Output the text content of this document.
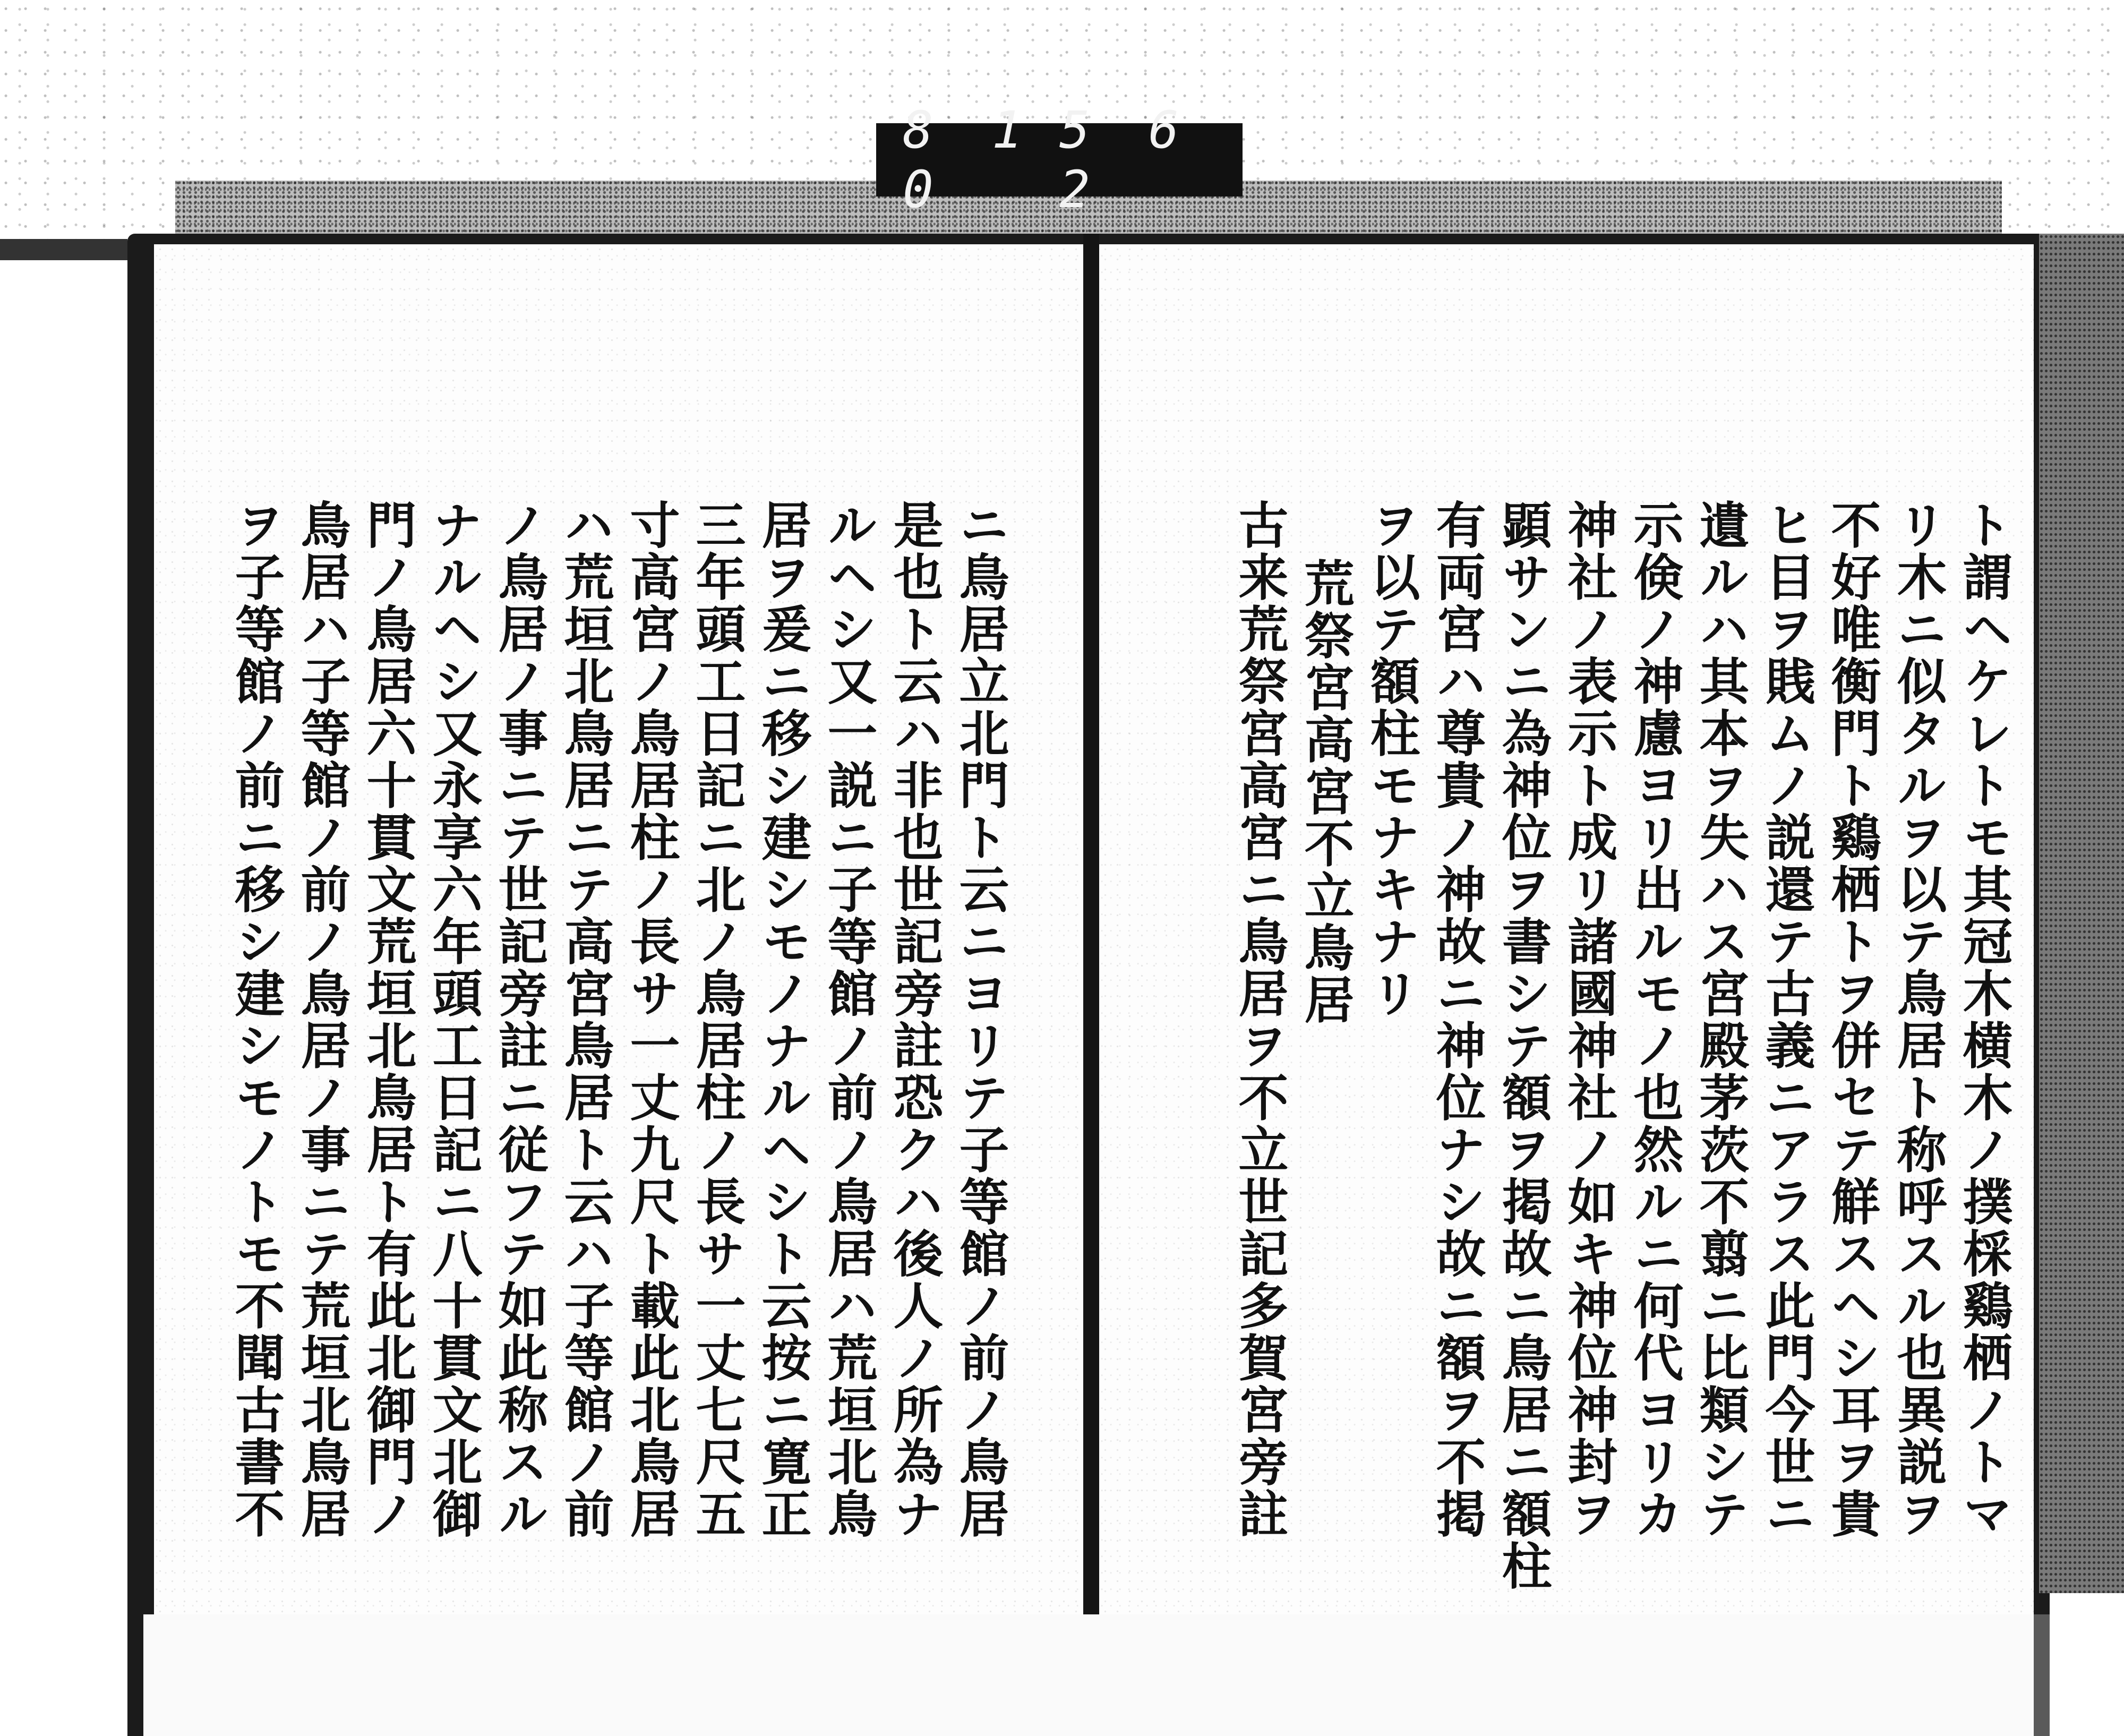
8 1 0
5 6 2
ト謂ヘケレトモ其冠木横木ノ撲棌鷄栖ノトマ
リ木ニ似タルヲ以テ鳥居ト称呼スル也異説ヲ
不好唯衡門ト鷄栖トヲ併セテ觧スヘシ耳ヲ貴
ヒ目ヲ賎ムノ説還テ古義ニアラス此門今世ニ
遺ルハ其本ヲ失ハス宮殿茅茨不翦ニ比類シテ
示倹ノ神慮ヨリ出ルモノ也然ルニ何代ヨリカ
神社ノ表示ト成リ諸國神社ノ如キ神位神封ヲ
顕サンニ為神位ヲ書シテ額ヲ掲故ニ鳥居ニ額柱
有両宮ハ尊貴ノ神故ニ神位ナシ故ニ額ヲ不掲
ヲ以テ額柱モナキナリ
荒祭宮高宮不立鳥居
古来荒祭宮高宮ニ鳥居ヲ不立世記多賀宮旁註
ニ鳥居立北門ト云ニヨリテ子等館ノ前ノ鳥居
是也ト云ハ非也世記旁註恐クハ後人ノ所為ナ
ルヘシ又一説ニ子等館ノ前ノ鳥居ハ荒垣北鳥
居ヲ爰ニ移シ建シモノナルヘシト云按ニ寛正
三年頭工日記ニ北ノ鳥居柱ノ長サ一丈七尺五
寸高宮ノ鳥居柱ノ長サ一丈九尺ト載此北鳥居
ハ荒垣北鳥居ニテ高宮鳥居ト云ハ子等館ノ前
ノ鳥居ノ事ニテ世記旁註ニ従フテ如此称スル
ナルヘシ又永享六年頭工日記ニ八十貫文北御
門ノ鳥居六十貫文荒垣北鳥居ト有此北御門ノ
鳥居ハ子等館ノ前ノ鳥居ノ事ニテ荒垣北鳥居
ヲ子等館ノ前ニ移シ建シモノトモ不聞古書不
